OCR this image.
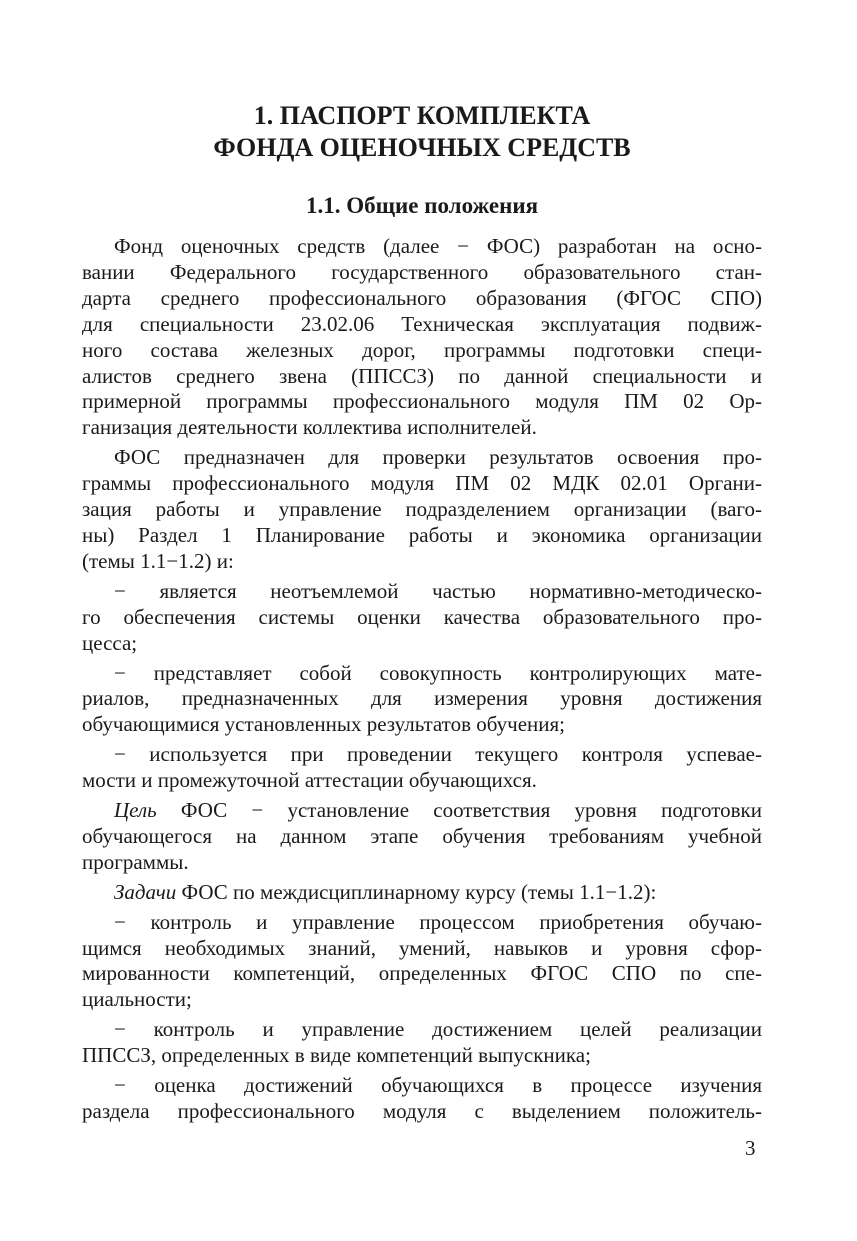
1. ПАСПОРТ КОМПЛЕКТА
ФОНДА ОЦЕНОЧНЫХ СРЕДСТВ
1.1. Общие положения
Фонд оценочных средств (далее − ФОС) разработан на осно-
вании Федерального государственного образовательного стан-
дарта среднего профессионального образования (ФГОС СПО)
для специальности 23.02.06 Техническая эксплуатация подвиж-
ного состава железных дорог, программы подготовки специ-
алистов среднего звена (ППССЗ) по данной специальности и
примерной программы профессионального модуля ПМ 02 Ор-
ганизация деятельности коллектива исполнителей.
ФОС предназначен для проверки результатов освоения про-
граммы профессионального модуля ПМ 02 МДК 02.01 Органи-
зация работы и управление подразделением организации (ваго-
ны) Раздел 1 Планирование работы и экономика организации
(темы 1.1−1.2) и:
− является неотъемлемой частью нормативно-методическо-
го обеспечения системы оценки качества образовательного про-
цесса;
− представляет собой совокупность контролирующих мате-
риалов, предназначенных для измерения уровня достижения
обучающимися установленных результатов обучения;
− используется при проведении текущего контроля успевае-
мости и промежуточной аттестации обучающихся.
Цель ФОС − установление соответствия уровня подготовки
обучающегося на данном этапе обучения требованиям учебной
программы.
Задачи ФОС по междисциплинарному курсу (темы 1.1−1.2):
− контроль и управление процессом приобретения обучаю-
щимся необходимых знаний, умений, навыков и уровня сфор-
мированности компетенций, определенных ФГОС СПО по спе-
циальности;
− контроль и управление достижением целей реализации
ППССЗ, определенных в виде компетенций выпускника;
− оценка достижений обучающихся в процессе изучения
раздела профессионального модуля с выделением положитель-
3
